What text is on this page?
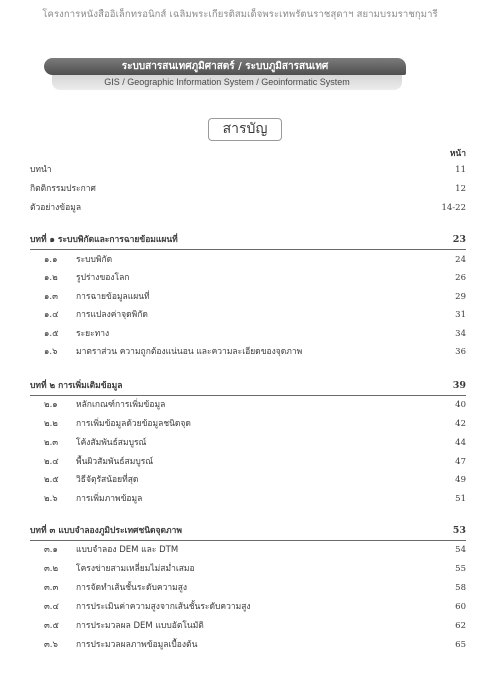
โครงการหนังสืออิเล็กทรอนิกส์ เฉลิมพระเกียรติสมเด็จพระเทพรัตนราชสุดาฯ สยามบรมราชกุมารี
ระบบสารสนเทศภูมิศาสตร์ / ระบบภูมิสารสนเทศ
GIS / Geographic Information System / Geoinformatic System
สารบัญ
หน้า
บทนำ	11
กิตติกรรมประกาศ	12
ตัวอย่างข้อมูล	14-22
บทที่ ๑ ระบบพิกัดและการฉายข้อมแผนที่	23
๑.๑ ระบบพิกัด	24
๑.๒ รูปร่างของโลก	26
๑.๓ การฉายข้อมูลแผนที่	29
๑.๔ การแปลงค่าจุดพิกัด	31
๑.๕ ระยะทาง	34
๑.๖ มาตราส่วน ความถูกต้องแน่นอน และความละเอียดของจุดภาพ	36
บทที่ ๒ การเพิ่มเติมข้อมูล	39
๒.๑ หลักเกณฑ์การเพิ่มข้อมูล	40
๒.๒ การเพิ่มข้อมูลด้วยข้อมูลชนิดจุด	42
๒.๓ โค้งสัมพันธ์สมบูรณ์	44
๒.๔ พื้นผิวสัมพันธ์สมบูรณ์	47
๒.๕ วิธีจัตุรัสน้อยที่สุด	49
๒.๖ การเพิ่มภาพข้อมูล	51
บทที่ ๓ แบบจำลองภูมิประเทศชนิดจุดภาพ	53
๓.๑ แบบจำลอง DEM และ DTM	54
๓.๒ โครงข่ายสามเหลี่ยมไม่สม่ำเสมอ	55
๓.๓ การจัดทำเส้นชั้นระดับความสูง	58
๓.๔ การประเมินค่าความสูงจากเส้นชั้นระดับความสูง	60
๓.๕ การประมวลผล DEM แบบอัตโนมัติ	62
๓.๖ การประมวลผลภาพข้อมูลเบื้องต้น	65
